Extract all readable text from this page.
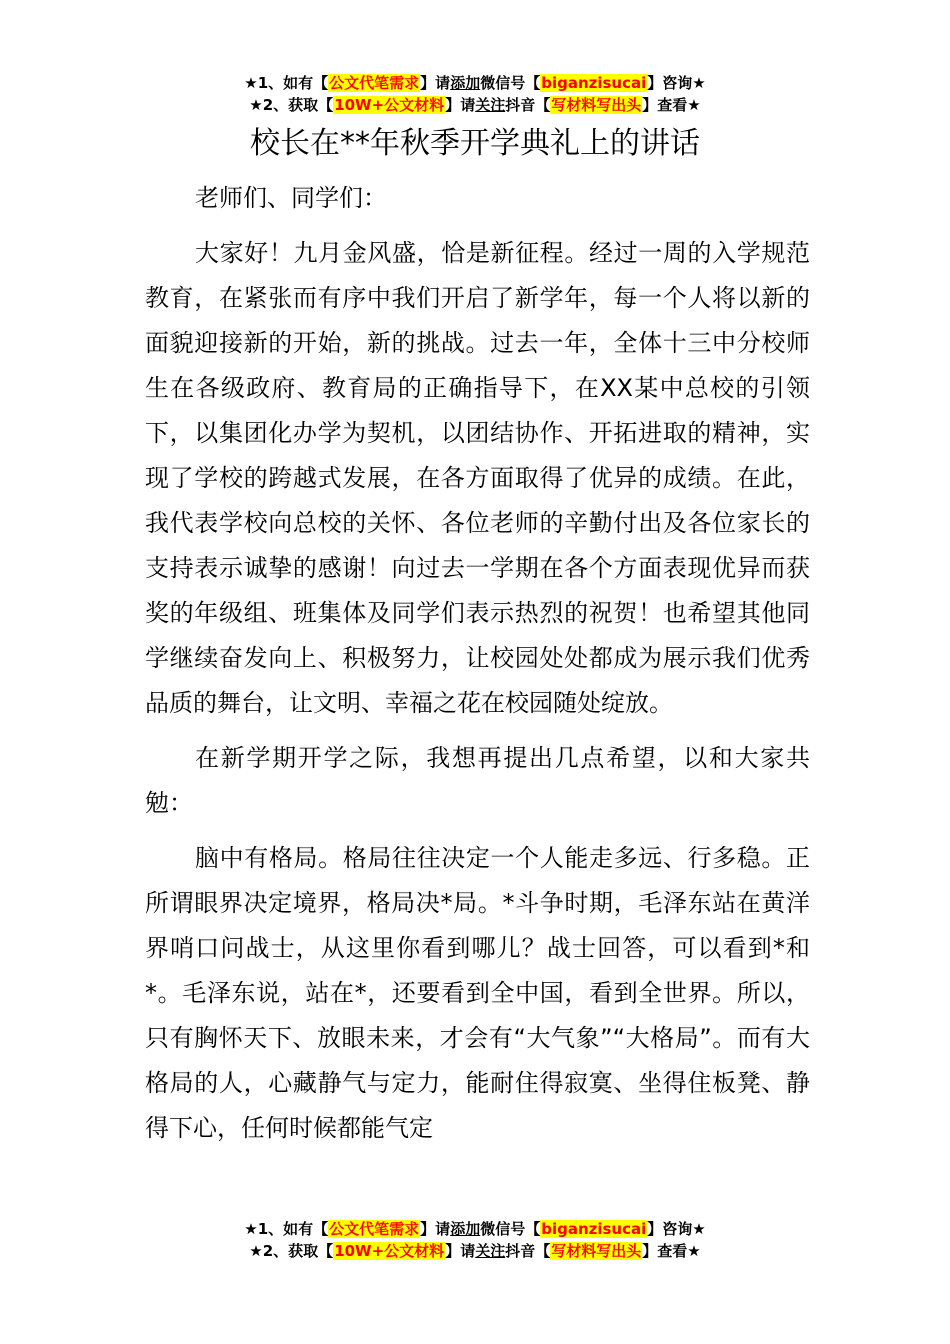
★1、如有【公文代笔需求】请添加微信号【biganzisucai】咨询★
★2、获取【10W+公文材料】请关注抖音【写材料写出头】查看★
校长在**年秋季开学典礼上的讲话

老师们、同学们：

大家好！九月金风盛，恰是新征程。经过一周的入学规范教育，在紧张而有序中我们开启了新学年，每一个人将以新的面貌迎接新的开始，新的挑战。过去一年，全体十三中分校师生在各级政府、教育局的正确指导下，在XX某中总校的引领下，以集团化办学为契机，以团结协作、开拓进取的精神，实现了学校的跨越式发展，在各方面取得了优异的成绩。在此，我代表学校向总校的关怀、各位老师的辛勤付出及各位家长的支持表示诚挚的感谢！向过去一学期在各个方面表现优异而获奖的年级组、班集体及同学们表示热烈的祝贺！也希望其他同学继续奋发向上、积极努力，让校园处处都成为展示我们优秀品质的舞台，让文明、幸福之花在校园随处绽放。

在新学期开学之际，我想再提出几点希望，以和大家共勉：

脑中有格局。格局往往决定一个人能走多远、行多稳。正所谓眼界决定境界，格局决*局。*斗争时期，毛泽东站在黄洋界哨口问战士，从这里你看到哪儿？战士回答，可以看到*和*。毛泽东说，站在*，还要看到全中国，看到全世界。所以，只有胸怀天下、放眼未来，才会有“大气象”“大格局”。而有大格局的人，心藏静气与定力，能耐住得寂寞、坐得住板凳、静得下心，任何时候都能气定

★1、如有【公文代笔需求】请添加微信号【biganzisucai】咨询★
★2、获取【10W+公文材料】请关注抖音【写材料写出头】查看★
